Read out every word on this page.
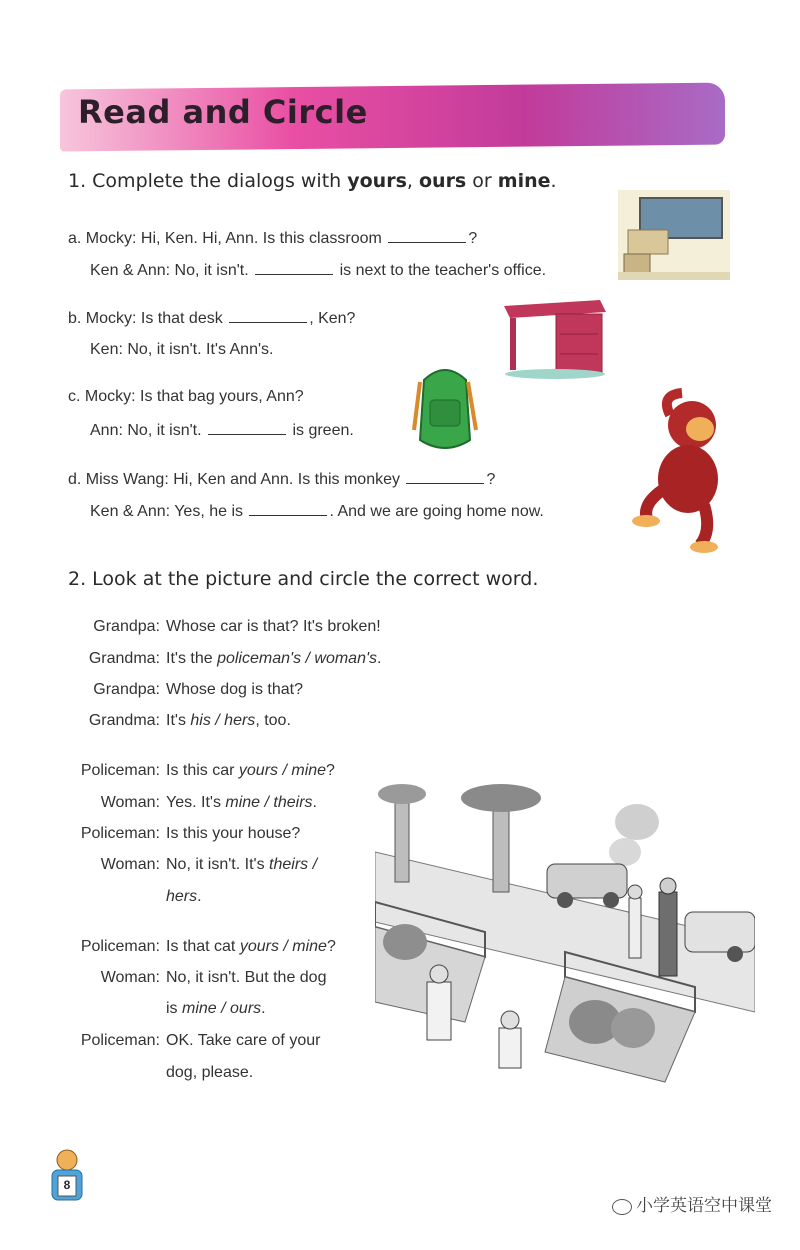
Read and Circle
1. Complete the dialogs with yours, ours or mine.
a. Mocky: Hi, Ken. Hi, Ann. Is this classroom	?
Ken & Ann: No, it isn't.	is next to the teacher's office.
b. Mocky: Is that desk	, Ken?
Ken: No, it isn't. It's Ann's.
c. Mocky: Is that bag yours, Ann?
Ann: No, it isn't.	is green.
d. Miss Wang: Hi, Ken and Ann. Is this monkey	?
Ken & Ann: Yes, he is	. And we are going home now.
2. Look at the picture and circle the correct word.
Grandpa: Whose car is that? It's broken!
Grandma: It's the policeman's / woman's.
Grandpa: Whose dog is that?
Grandma: It's his / hers, too.
Policeman: Is this car yours / mine?
Woman: Yes. It's mine / theirs.
Policeman: Is this your house?
Woman: No, it isn't. It's theirs /
hers.
Policeman: Is that cat yours / mine?
Woman: No, it isn't. But the dog
is mine / ours.
Policeman: OK. Take care of your
dog, please.
8
小学英语空中课堂
